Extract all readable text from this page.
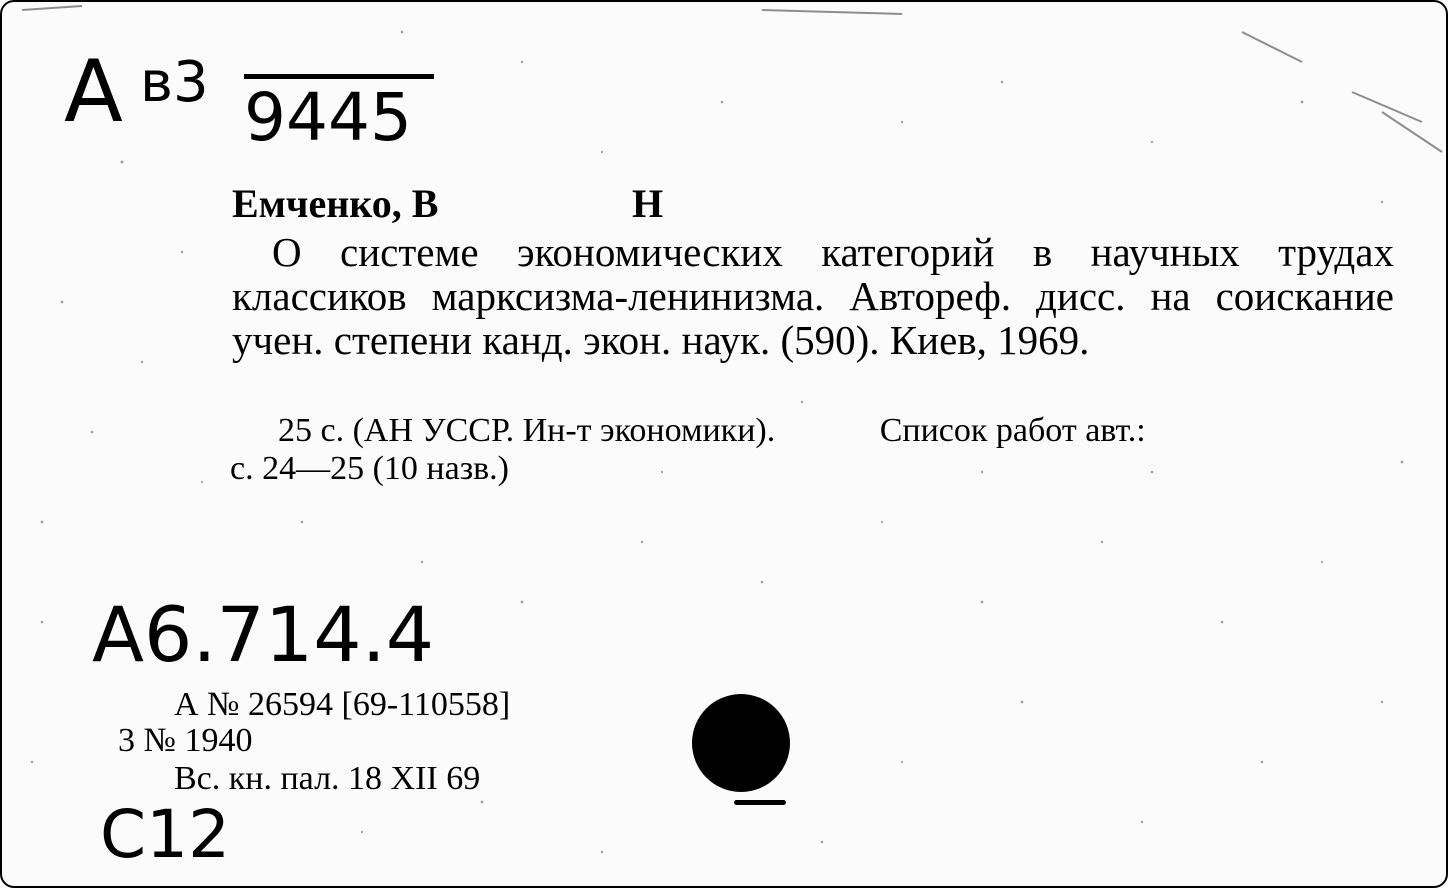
А в3 9445
Емченко, В	Н
О системе экономических категорий в научных трудах классиков марксизма-ленинизма. Автореф. дисс. на соискание учен. степени канд. экон. наук. (590). Киев, 1969.
25 с. (АН УССР. Ин-т экономики).	Список работ авт.:
с. 24—25 (10 назв.)
А6.714.4
А № 26594 [69-110558]
3 № 1940
Вс. кн. пал. 18 XII 69
С12
